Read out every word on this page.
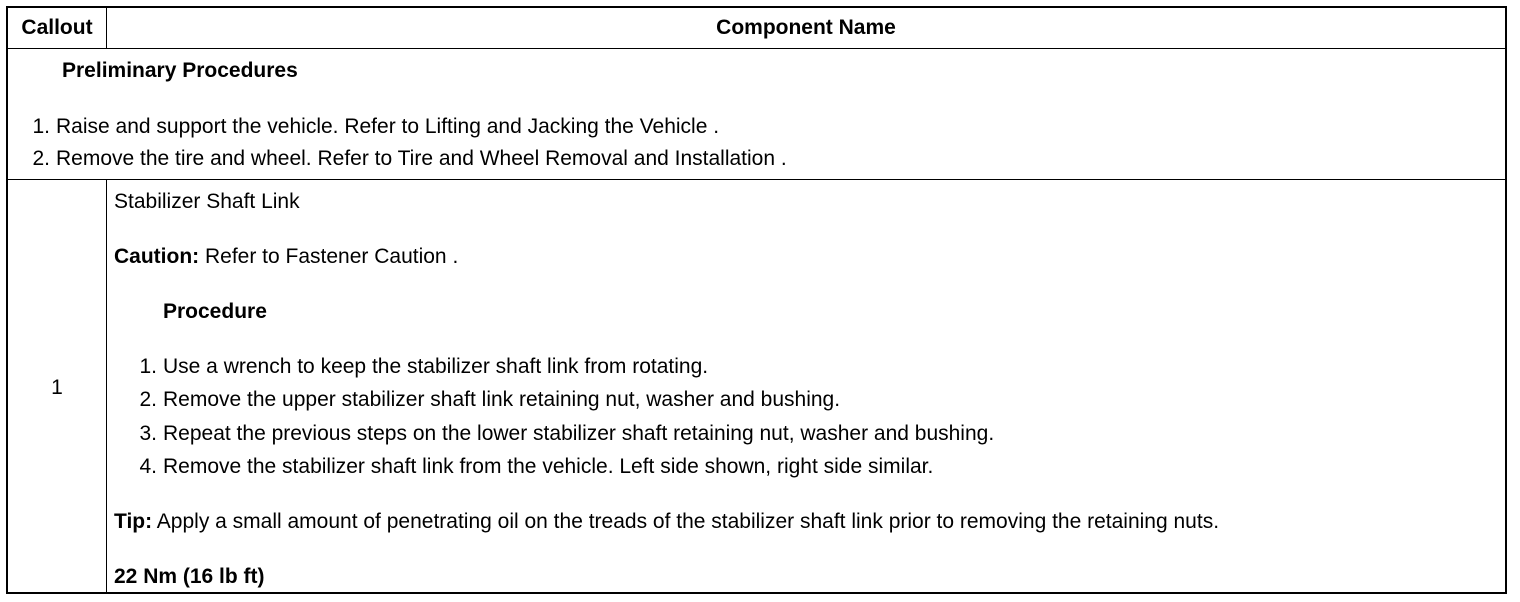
Callout	Component Name
Preliminary Procedures
1. Raise and support the vehicle. Refer to Lifting and Jacking the Vehicle .
2. Remove the tire and wheel. Refer to Tire and Wheel Removal and Installation .
1
Stabilizer Shaft Link
Caution: Refer to Fastener Caution .
Procedure
1. Use a wrench to keep the stabilizer shaft link from rotating.
2. Remove the upper stabilizer shaft link retaining nut, washer and bushing.
3. Repeat the previous steps on the lower stabilizer shaft retaining nut, washer and bushing.
4. Remove the stabilizer shaft link from the vehicle. Left side shown, right side similar.
Tip: Apply a small amount of penetrating oil on the treads of the stabilizer shaft link prior to removing the retaining nuts.
22 Nm (16 lb ft)
